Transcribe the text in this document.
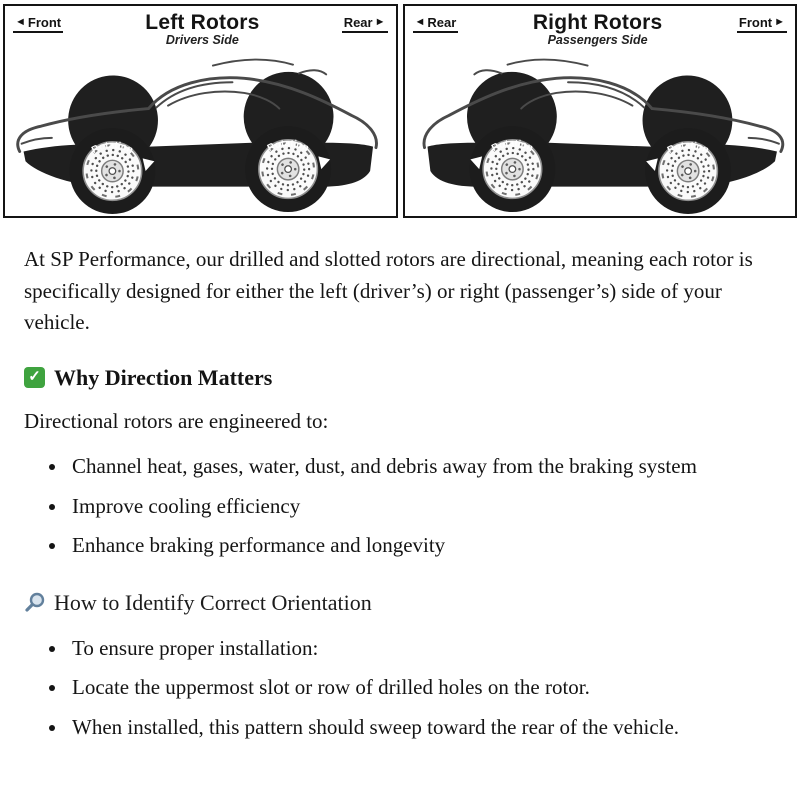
◄ Front	Left Rotors
Drivers Side
Rear ►
Rotation	Rotation
◄ Rear	Right Rotors
Passengers Side
Front ►
Rotation	Rotation

At SP Performance, our drilled and slotted rotors are directional, meaning each rotor is specifically designed for either the left (driver’s) or right (passenger’s) side of your vehicle.

✓ Why Direction Matters

Directional rotors are engineered to:

• Channel heat, gases, water, dust, and debris away from the braking system
• Improve cooling efficiency
• Enhance braking performance and longevity
How to Identify Correct Orientation
• To ensure proper installation:
• Locate the uppermost slot or row of drilled holes on the rotor.
• When installed, this pattern should sweep toward the rear of the vehicle.
